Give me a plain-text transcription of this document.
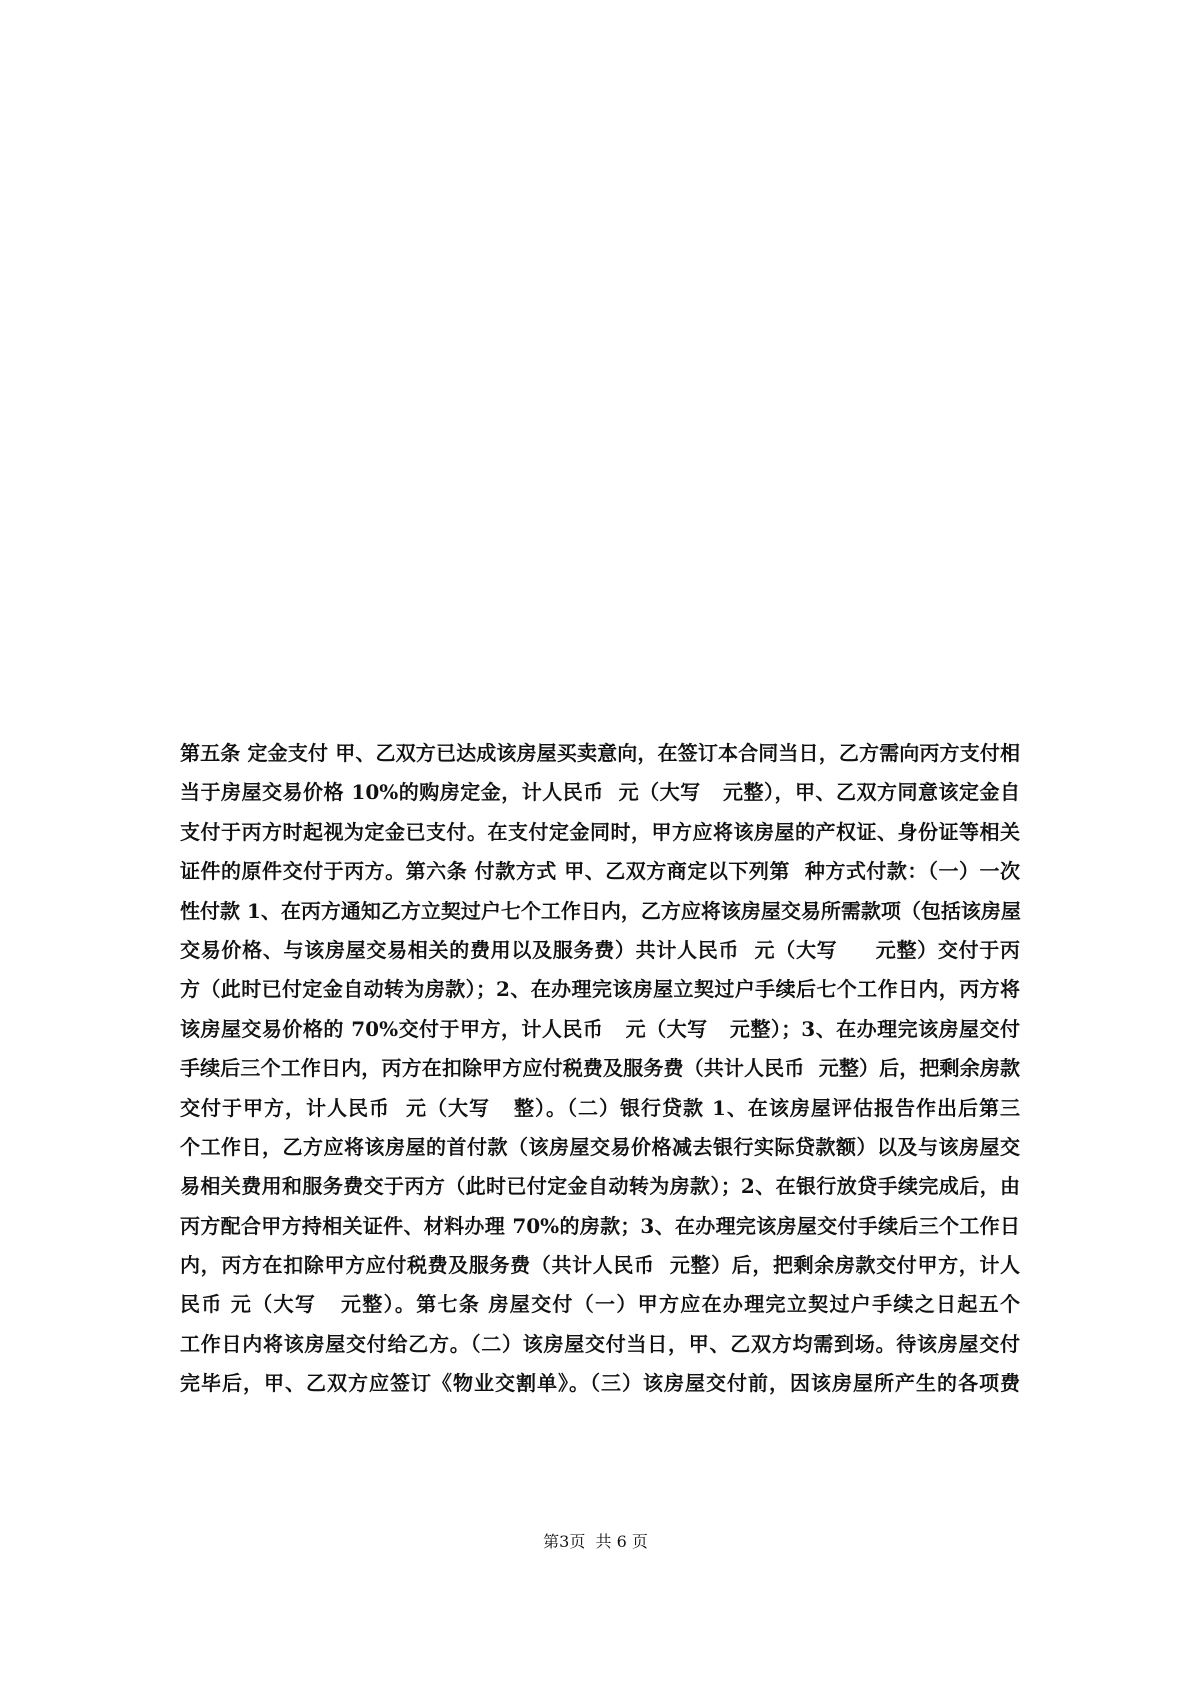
第五条 定金支付 甲、乙双方已达成该房屋买卖意向，在签订本合同当日，乙方需向丙方支付相
当于房屋交易价格 10%的购房定金，计人民币  元（大写   元整），甲、乙双方同意该定金自
支付于丙方时起视为定金已支付。在支付定金同时，甲方应将该房屋的产权证、身份证等相关
证件的原件交付于丙方。第六条 付款方式 甲、乙双方商定以下列第  种方式付款：（一）一次
性付款 1、在丙方通知乙方立契过户七个工作日内，乙方应将该房屋交易所需款项（包括该房屋
交易价格、与该房屋交易相关的费用以及服务费）共计人民币  元（大写     元整）交付于丙
方（此时已付定金自动转为房款）；2、在办理完该房屋立契过户手续后七个工作日内，丙方将
该房屋交易价格的 70%交付于甲方，计人民币   元（大写   元整）；3、在办理完该房屋交付
手续后三个工作日内，丙方在扣除甲方应付税费及服务费（共计人民币  元整）后，把剩余房款
交付于甲方，计人民币  元（大写   整）。（二）银行贷款 1、在该房屋评估报告作出后第三
个工作日，乙方应将该房屋的首付款（该房屋交易价格减去银行实际贷款额）以及与该房屋交
易相关费用和服务费交于丙方（此时已付定金自动转为房款）；2、在银行放贷手续完成后，由
丙方配合甲方持相关证件、材料办理 70%的房款；3、在办理完该房屋交付手续后三个工作日
内，丙方在扣除甲方应付税费及服务费（共计人民币  元整）后，把剩余房款交付甲方，计人
民币 元（大写   元整）。第七条 房屋交付（一）甲方应在办理完立契过户手续之日起五个
工作日内将该房屋交付给乙方。（二）该房屋交付当日，甲、乙双方均需到场。待该房屋交付
完毕后，甲、乙双方应签订《物业交割单》。（三）该房屋交付前，因该房屋所产生的各项费
第3页  共 6 页
